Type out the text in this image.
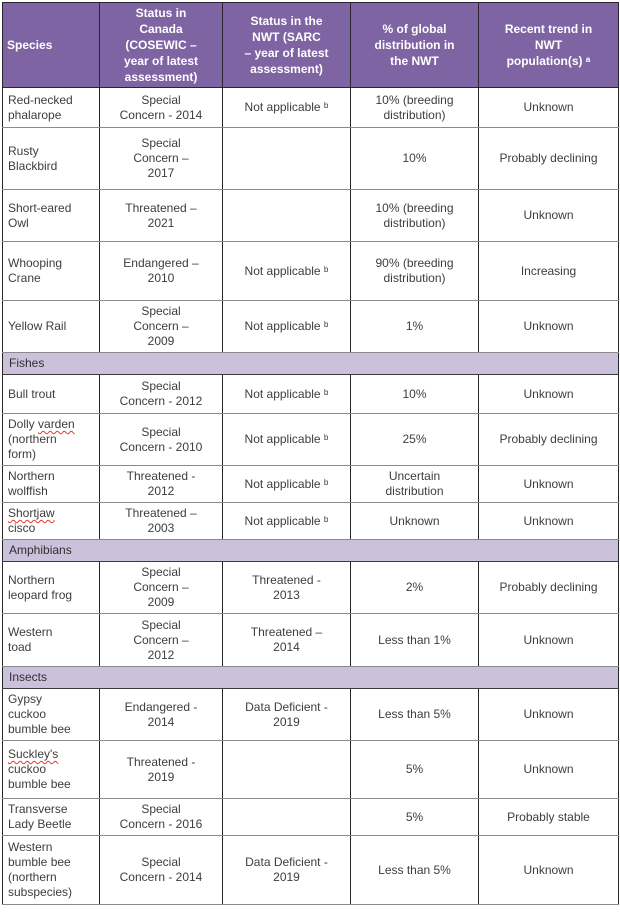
Species	Status in
Canada
(COSEWIC –
year of latest
assessment)	Status in the
NWT (SARC
– year of latest
assessment)	% of global
distribution in
the NWT	Recent trend in
NWT
population(s) ᵃ
Red-necked
phalarope	Special
Concern - 2014	Not applicable ᵇ	10% (breeding
distribution)	Unknown
Rusty
Blackbird	Special
Concern –
2017		10%	Probably declining
Short-eared
Owl	Threatened –
2021		10% (breeding
distribution)	Unknown
Whooping
Crane	Endangered –
2010	Not applicable ᵇ	90% (breeding
distribution)	Increasing
Yellow Rail	Special
Concern –
2009	Not applicable ᵇ	1%	Unknown
Fishes				
Bull trout	Special
Concern - 2012	Not applicable ᵇ	10%	Unknown
Dolly varden
(northern
form)	Special
Concern - 2010	Not applicable ᵇ	25%	Probably declining
Northern
wolffish	Threatened -
2012	Not applicable ᵇ	Uncertain
distribution	Unknown
Shortjaw
cisco	Threatened –
2003	Not applicable ᵇ	Unknown	Unknown
Amphibians				
Northern
leopard frog	Special
Concern –
2009	Threatened -
2013	2%	Probably declining
Western
toad	Special
Concern –
2012	Threatened –
2014	Less than 1%	Unknown
Insects				
Gypsy
cuckoo
bumble bee	Endangered -
2014	Data Deficient -
2019	Less than 5%	Unknown
Suckley's
cuckoo
bumble bee	Threatened -
2019		5%	Unknown
Transverse
Lady Beetle	Special
Concern - 2016		5%	Probably stable
Western
bumble bee
(northern
subspecies)	Special
Concern - 2014	Data Deficient -
2019	Less than 5%	Unknown
